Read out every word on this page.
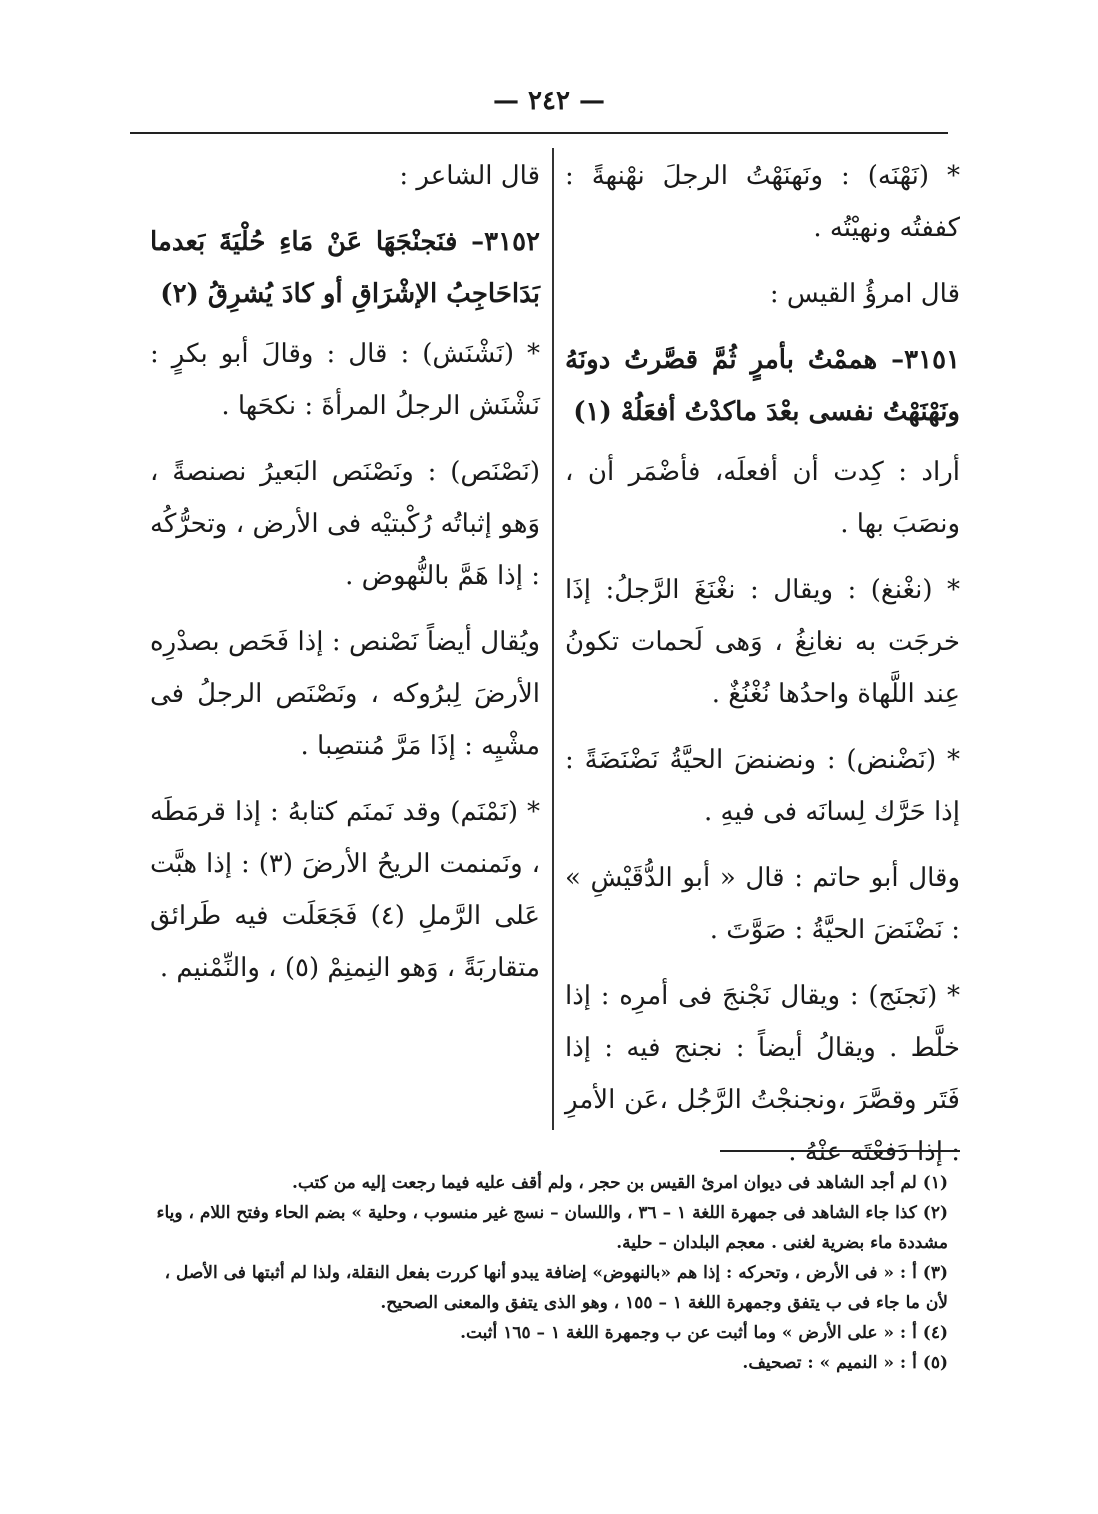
— ٢٤٢ —

* (نَهْنَه) : ونَهنَهْتُ الرجلَ نهْنهةً : كففتُه ونهيْتُه .

قال امرؤُ القيس :

٣١٥١– هممْتُ بأمرٍ ثُمَّ قصَّرتُ دونَهُ ونَهْنَهْتُ نفسى بعْدَ ماكدْتُ أفعَلُهْ (١)

أراد : كِدت أن أفعلَه، فأضْمَر أن ، ونصَبَ بها .

* (نغْنغ) : ويقال : نغْنَغَ الرَّجلُ: إذَا خرجَت به نغانِغُ ، وَهى لَحمات تكونُ عِند اللَّهاة واحدُها نُغْنُغٌ .

* (نَضْنض) : ونضنضَ الحيَّةُ نَضْنَضَةً : إذا حَرَّك لِسانَه فى فيهِ .

وقال أبو حاتم : قال « أبو الدُّقَيْشِ » : نَضْنَضَ الحيَّةُ : صَوَّتَ .

* (نَجنَج) : ويقال نَجْنجَ فى أمرِه : إذا خلَّط . ويقالُ أيضاً : نجنج فيه : إذا فَتَر وقصَّرَ ،ونجنجْتُ الرَّجُل ،عَن الأمرِ : إذا دَفعْتَه عنْهُ .

قال الشاعر :

٣١٥٢– فنَجنْجَهَا عَنْ مَاءِ حُلْيَةَ بَعدما بَدَاحَاجِبُ الإشْرَاقِ أو كادَ يُشرِقُ (٢)

* (نَشْنَش) : قال : وقالَ أبو بكرٍ : نَشْنَش الرجلُ المرأةَ : نكحَها .

(نَصْنَص) : ونَصْنَص البَعيرُ نصنصةً ، وَهو إثباتُه رُكْبتيْه فى الأرض ، وتحرُّكُه : إذا هَمَّ بالنُّهوض .

ويُقال أيضاً نَصْنص : إذا فَحَص بصدْرِه الأرضَ لِبرُوكه ، ونَصْنَص الرجلُ فى مشْيِه : إذَا مَرَّ مُنتصِبا .

* (نَمْنَم) وقد نَمنَم كتابهُ : إذا قرمَطَه ، ونَمنمت الريحُ الأرضَ (٣) : إذا هبَّت عَلى الرَّملِ (٤) فَجَعَلَت فيه طَرائق متقاربَةً ، وَهو النِمنِمْ (٥) ، والنِّمْنيم .

(١) لم أجد الشاهد فى ديوان امرئ القيس بن حجر ، ولم أقف عليه فيما رجعت إليه من كتب.

(٢) كذا جاء الشاهد فى جمهرة اللغة ١ – ٣٦ ، واللسان – نسج غير منسوب ، وحلية » بضم الحاء وفتح اللام ، وياء مشددة ماء بضرية لغنى . معجم البلدان – حلية.

(٣) أ : « فى الأرض ، وتحركه : إذا هم «بالنهوض» إضافة يبدو أنها كررت بفعل النقلة، ولذا لم أثبتها فى الأصل ، لأن ما جاء فى ب يتفق وجمهرة اللغة ١ – ١٥٥ ، وهو الذى يتفق والمعنى الصحيح.

(٤) أ : « على الأرض » وما أثبت عن ب وجمهرة اللغة ١ – ١٦٥ أثبت.

(٥) أ : « النميم » : تصحيف.
